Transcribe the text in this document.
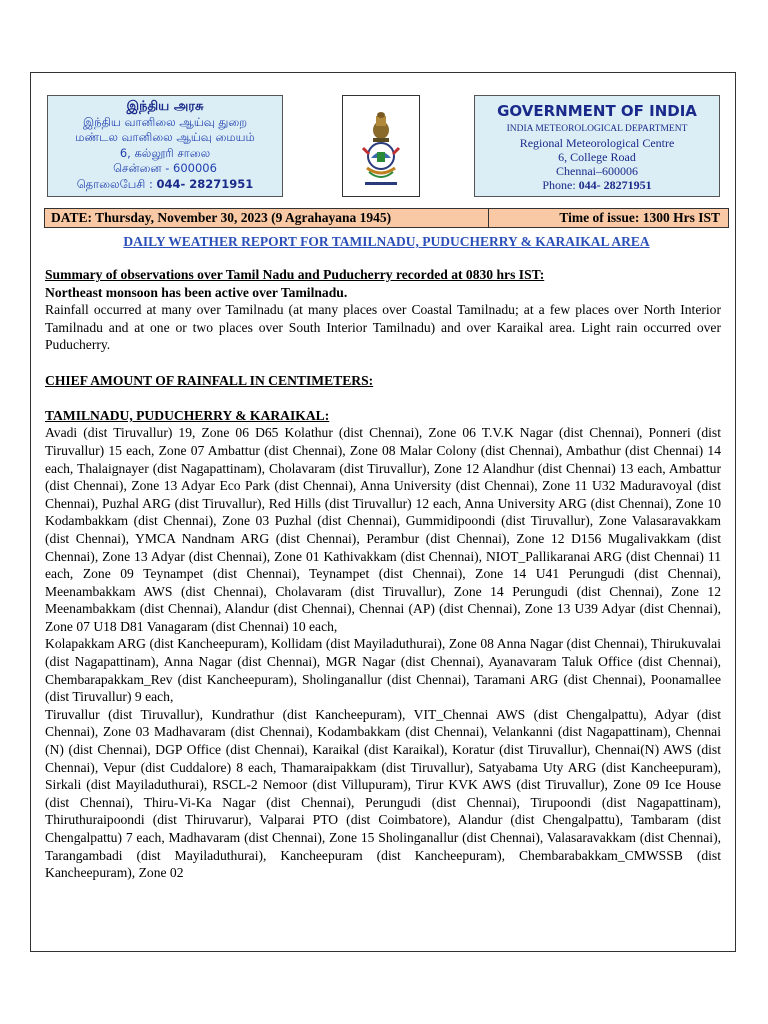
இந்திய அரசு
இந்திய வானிலை ஆய்வு துறை
மண்டல வானிலை ஆய்வு மையம்
6, கல்லூரி சாலை
சென்னை - 600006
தொலைபேசி : 044- 28271951
GOVERNMENT OF INDIA
INDIA METEOROLOGICAL DEPARTMENT
Regional Meteorological Centre
6, College Road
Chennai–600006
Phone: 044- 28271951
DATE: Thursday, November 30, 2023 (9 Agrahayana 1945)	Time of issue: 1300 Hrs IST
DAILY WEATHER REPORT FOR TAMILNADU, PUDUCHERRY & KARAIKAL AREA

Summary of observations over Tamil Nadu and Puducherry recorded at 0830 hrs IST:

Northeast monsoon has been active over Tamilnadu.

Rainfall occurred at many over Tamilnadu (at many places over Coastal Tamilnadu; at a few places over North Interior Tamilnadu and at one or two places over South Interior Tamilnadu) and over Karaikal area. Light rain occurred over Puducherry.

CHIEF AMOUNT OF RAINFALL IN CENTIMETERS:

TAMILNADU, PUDUCHERRY & KARAIKAL:

Avadi (dist Tiruvallur) 19, Zone 06 D65 Kolathur (dist Chennai), Zone 06 T.V.K Nagar (dist Chennai), Ponneri (dist Tiruvallur) 15 each, Zone 07 Ambattur (dist Chennai), Zone 08 Malar Colony (dist Chennai), Ambathur (dist Chennai) 14 each, Thalaignayer (dist Nagapattinam), Cholavaram (dist Tiruvallur), Zone 12 Alandhur (dist Chennai) 13 each, Ambattur (dist Chennai), Zone 13 Adyar Eco Park (dist Chennai), Anna University (dist Chennai), Zone 11 U32 Maduravoyal (dist Chennai), Puzhal ARG (dist Tiruvallur), Red Hills (dist Tiruvallur) 12 each, Anna University ARG (dist Chennai), Zone 10 Kodambakkam (dist Chennai), Zone 03 Puzhal (dist Chennai), Gummidipoondi (dist Tiruvallur), Zone Valasaravakkam (dist Chennai), YMCA Nandnam ARG (dist Chennai), Perambur (dist Chennai), Zone 12 D156 Mugalivakkam (dist Chennai), Zone 13 Adyar (dist Chennai), Zone 01 Kathivakkam (dist Chennai), NIOT_Pallikaranai ARG (dist Chennai) 11 each, Zone 09 Teynampet (dist Chennai), Teynampet (dist Chennai), Zone 14 U41 Perungudi (dist Chennai), Meenambakkam AWS (dist Chennai), Cholavaram (dist Tiruvallur), Zone 14 Perungudi (dist Chennai), Zone 12 Meenambakkam (dist Chennai), Alandur (dist Chennai), Chennai (AP) (dist Chennai), Zone 13 U39 Adyar (dist Chennai), Zone 07 U18 D81 Vanagaram (dist Chennai) 10 each,

Kolapakkam ARG (dist Kancheepuram), Kollidam (dist Mayiladuthurai), Zone 08 Anna Nagar (dist Chennai), Thirukuvalai (dist Nagapattinam), Anna Nagar (dist Chennai), MGR Nagar (dist Chennai), Ayanavaram Taluk Office (dist Chennai), Chembarapakkam_Rev (dist Kancheepuram), Sholinganallur (dist Chennai), Taramani ARG (dist Chennai), Poonamallee (dist Tiruvallur) 9 each,

Tiruvallur (dist Tiruvallur), Kundrathur (dist Kancheepuram), VIT_Chennai AWS (dist Chengalpattu), Adyar (dist Chennai), Zone 03 Madhavaram (dist Chennai), Kodambakkam (dist Chennai), Velankanni (dist Nagapattinam), Chennai (N) (dist Chennai), DGP Office (dist Chennai), Karaikal (dist Karaikal), Koratur (dist Tiruvallur), Chennai(N) AWS (dist Chennai), Vepur (dist Cuddalore) 8 each, Thamaraipakkam (dist Tiruvallur), Satyabama Uty ARG (dist Kancheepuram), Sirkali (dist Mayiladuthurai), RSCL-2 Nemoor (dist Villupuram), Tirur KVK AWS (dist Tiruvallur), Zone 09 Ice House (dist Chennai), Thiru-Vi-Ka Nagar (dist Chennai), Perungudi (dist Chennai), Tirupoondi (dist Nagapattinam), Thiruthuraipoondi (dist Thiruvarur), Valparai PTO (dist Coimbatore), Alandur (dist Chengalpattu), Tambaram (dist Chengalpattu) 7 each, Madhavaram (dist Chennai), Zone 15 Sholinganallur (dist Chennai), Valasaravakkam (dist Chennai), Tarangambadi (dist Mayiladuthurai), Kancheepuram (dist Kancheepuram), Chembarabakkam_CMWSSB (dist Kancheepuram), Zone 02
